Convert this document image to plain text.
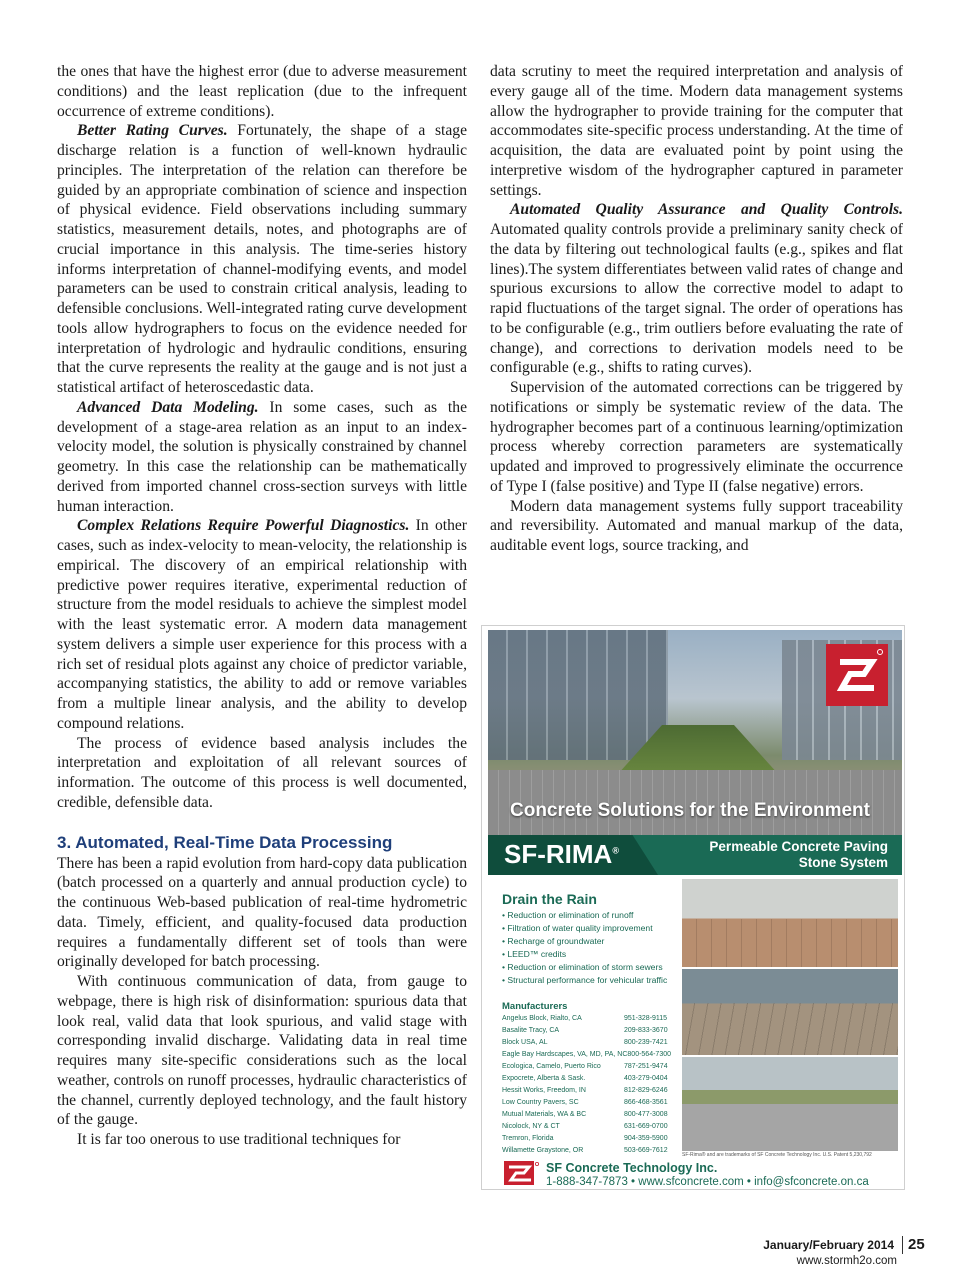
the ones that have the highest error (due to adverse measurement conditions) and the least replication (due to the infrequent occurrence of extreme conditions).

Better Rating Curves. Fortunately, the shape of a stage discharge relation is a function of well-known hydraulic principles. The interpretation of the relation can therefore be guided by an appropriate combination of science and inspection of physical evidence. Field observations including summary statistics, measurement details, notes, and photographs are of crucial importance in this analysis. The time-series history informs interpretation of channel-modifying events, and model parameters can be used to constrain critical analysis, leading to defensible conclusions. Well-integrated rating curve development tools allow hydrographers to focus on the evidence needed for interpretation of hydrologic and hydraulic conditions, ensuring that the curve represents the reality at the gauge and is not just a statistical artifact of heteroscedastic data.

Advanced Data Modeling. In some cases, such as the development of a stage-area relation as an input to an index-velocity model, the solution is physically constrained by channel geometry. In this case the relationship can be mathematically derived from imported channel cross-section surveys with little human interaction.

Complex Relations Require Powerful Diagnostics. In other cases, such as index-velocity to mean-velocity, the relationship is empirical. The discovery of an empirical relationship with predictive power requires iterative, experimental reduction of structure from the model residuals to achieve the simplest model with the least systematic error. A modern data management system delivers a simple user experience for this process with a rich set of residual plots against any choice of predictor variable, accompanying statistics, the ability to add or remove variables from a multiple linear analysis, and the ability to develop compound relations.

The process of evidence based analysis includes the interpretation and exploitation of all relevant sources of information. The outcome of this process is well documented, credible, defensible data.

3. Automated, Real-Time Data Processing

There has been a rapid evolution from hard-copy data publication (batch processed on a quarterly and annual production cycle) to the continuous Web-based publication of real-time hydrometric data. Timely, efficient, and quality-focused data production requires a fundamentally different set of tools than were originally developed for batch processing.

With continuous communication of data, from gauge to webpage, there is high risk of disinformation: spurious data that look real, valid data that look spurious, and valid stage with corresponding invalid discharge. Validating data in real time requires many site-specific considerations such as the local weather, controls on runoff processes, hydraulic characteristics of the channel, currently deployed technology, and the fault history of the gauge.

It is far too onerous to use traditional techniques for

data scrutiny to meet the required interpretation and analysis of every gauge all of the time. Modern data management systems allow the hydrographer to provide training for the computer that accommodates site-specific process understanding. At the time of acquisition, the data are evaluated point by point using the interpretive wisdom of the hydrographer captured in parameter settings.

Automated Quality Assurance and Quality Controls. Automated quality controls provide a preliminary sanity check of the data by filtering out technological faults (e.g., spikes and flat lines).The system differentiates between valid rates of change and spurious excursions to allow the corrective model to adapt to rapid fluctuations of the target signal. The order of operations has to be configurable (e.g., trim outliers before evaluating the rate of change), and corrections to derivation models need to be configurable (e.g., shifts to rating curves).

Supervision of the automated corrections can be triggered by notifications or simply be systematic review of the data. The hydrographer becomes part of a continuous learning/optimization process whereby correction parameters are systematically updated and improved to progressively eliminate the occurrence of Type I (false positive) and Type II (false negative) errors.

Modern data management systems fully support traceability and reversibility. Automated and manual markup of the data, auditable event logs, source tracking, and

Concrete Solutions for the Environment
SF-RIMA®	Permeable Concrete Paving
Stone System
Drain the Rain
• Reduction or elimination of runoff
• Filtration of water quality improvement
• Recharge of groundwater
• LEED™ credits
• Reduction or elimination of storm sewers
• Structural performance for vehicular traffic
Manufacturers
Angelus Block, Rialto, CA	951-328-9115
Basalite Tracy, CA	209-833-3670
Block USA, AL	800-239-7421
Eagle Bay Hardscapes, VA, MD, PA, NC 800-564-7300
Ecologica, Camelo, Puerto Rico	787-251-9474
Expocrete, Alberta & Sask.	403-279-0404
Hessit Works, Freedom, IN	812-829-6246
Low Country Pavers, SC	866-468-3561
Mutual Materials, WA & BC	800-477-3008
Nicolock, NY & CT	631-669-0700
Tremron, Florida	904-359-5900
Willamette Graystone, OR	503-669-7612
SF-Rima® and are trademarks of SF Concrete Technology Inc. U.S. Patent 5,230,792
SF Concrete Technology Inc.
1-888-347-7873 • www.sfconcrete.com • info@sfconcrete.on.ca
January/February 2014 25
www.stormh2o.com
